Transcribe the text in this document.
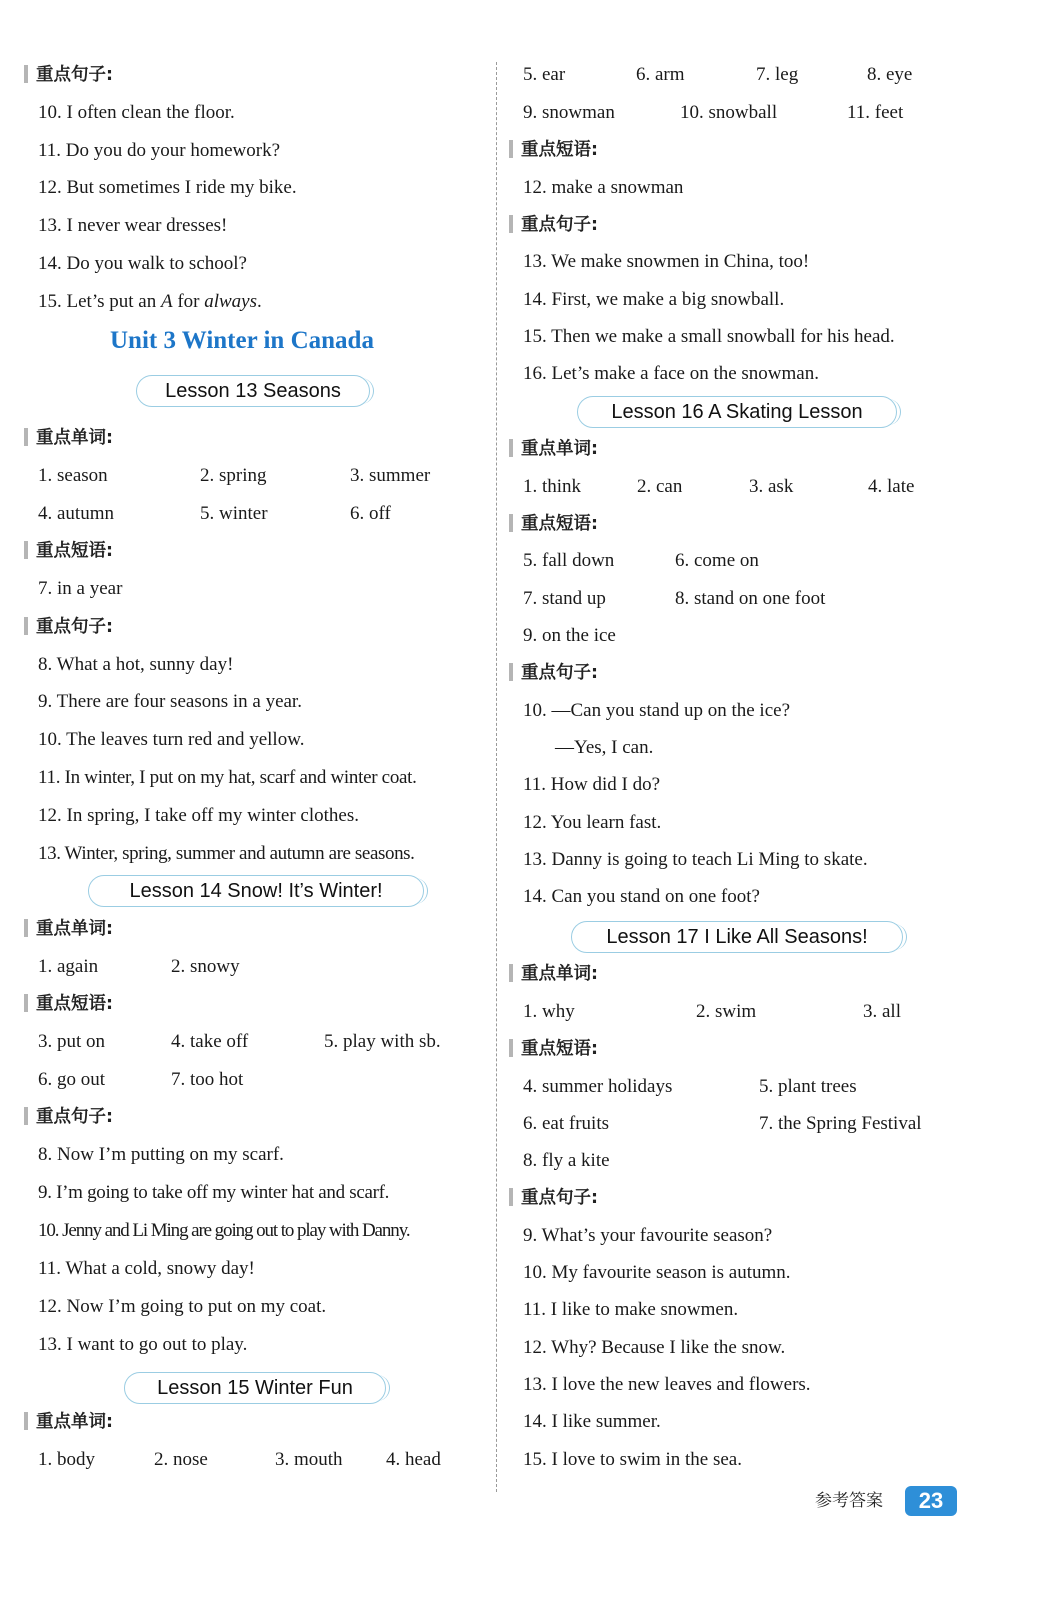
重点句子:
10. I often clean the floor.
11. Do you do your homework?
12. But sometimes I ride my bike.
13. I never wear dresses!
14. Do you walk to school?
15. Let’s put an A for always.
Unit 3 Winter in Canada
Lesson 13 Seasons
重点单词:
1. season	2. spring	3. summer
4. autumn	5. winter	6. off
重点短语:
7. in a year
重点句子:
8. What a hot, sunny day!
9. There are four seasons in a year.
10. The leaves turn red and yellow.
11. In winter, I put on my hat, scarf and winter coat.
12. In spring, I take off my winter clothes.
13. Winter, spring, summer and autumn are seasons.
Lesson 14 Snow! It’s Winter!
重点单词:
1. again	2. snowy
重点短语:
3. put on	4. take off	5. play with sb.
6. go out	7. too hot
重点句子:
8. Now I’m putting on my scarf.
9. I’m going to take off my winter hat and scarf.
10. Jenny and Li Ming are going out to play with Danny.
11. What a cold, snowy day!
12. Now I’m going to put on my coat.
13. I want to go out to play.
Lesson 15 Winter Fun
重点单词:
1. body	2. nose	3. mouth 4. head
5. ear	6. arm	7. leg	8. eye
9. snowman	10. snowball	11. feet
重点短语:
12. make a snowman
重点句子:
13. We make snowmen in China, too!
14. First, we make a big snowball.
15. Then we make a small snowball for his head.
16. Let’s make a face on the snowman.
Lesson 16 A Skating Lesson
重点单词:
1. think	2. can	3. ask	4. late
重点短语:
5. fall down	6. come on
7. stand up	8. stand on one foot
9. on the ice
重点句子:
10. —Can you stand up on the ice?
—Yes, I can.
11. How did I do?
12. You learn fast.
13. Danny is going to teach Li Ming to skate.
14. Can you stand on one foot?
Lesson 17 I Like All Seasons!
重点单词:
1. why	2. swim	3. all
重点短语:
4. summer holidays	5. plant trees
6. eat fruits	7. the Spring Festival
8. fly a kite
重点句子:
9. What’s your favourite season?
10. My favourite season is autumn.
11. I like to make snowmen.
12. Why? Because I like the snow.
13. I love the new leaves and flowers.
14. I like summer.
15. I love to swim in the sea.
参考答案	23
